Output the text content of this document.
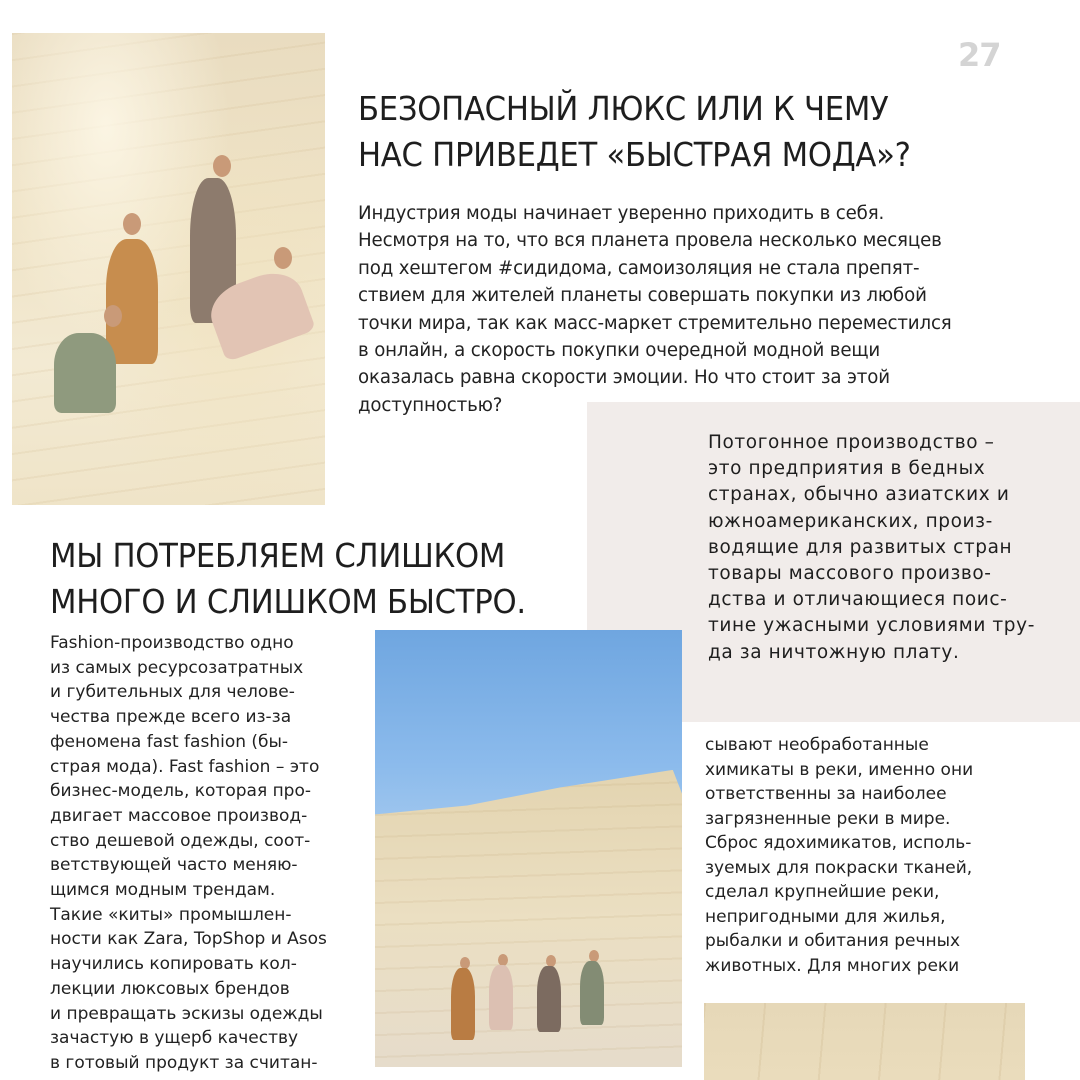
27
БЕЗОПАСНЫЙ ЛЮКС ИЛИ К ЧЕМУ
НАС ПРИВЕДЕТ «БЫСТРАЯ МОДА»?

Индустрия моды начинает уверенно приходить в себя.
Несмотря на то, что вся планета провела несколько месяцев
под хештегом #сидидома, самоизоляция не стала препят-
ствием для жителей планеты совершать покупки из любой
точки мира, так как масс-маркет стремительно переместился
в онлайн, а скорость покупки очередной модной вещи
оказалась равна скорости эмоции. Но что стоит за этой
доступностью?

Потогонное производство –
это предприятия в бедных
странах, обычно азиатских и
южноамериканских, произ-
водящие для развитых стран
товары массового произво-
дства и отличающиеся поис-
тине ужасными условиями тру-
да за ничтожную плату.

МЫ ПОТРЕБЛЯЕМ СЛИШКОМ
МНОГО И СЛИШКОМ БЫСТРО.

Fashion-производство одно
из самых ресурсозатратных
и губительных для челове-
чества прежде всего из-за
феномена fast fashion (бы-
страя мода). Fast fashion – это
бизнес-модель, которая про-
двигает массовое производ-
ство дешевой одежды, соот-
ветствующей часто меняю-
щимся модным трендам.
Такие «киты» промышлен-
ности как Zara, TopShop и Asos
научились копировать кол-
лекции люксовых брендов
и превращать эскизы одежды
зачастую в ущерб качеству
в готовый продукт за считан-

сывают необработанные
химикаты в реки, именно они
ответственны за наиболее
загрязненные реки в мире.
Сброс ядохимикатов, исполь-
зуемых для покраски тканей,
сделал крупнейшие реки,
непригодными для жилья,
рыбалки и обитания речных
животных. Для многих реки
